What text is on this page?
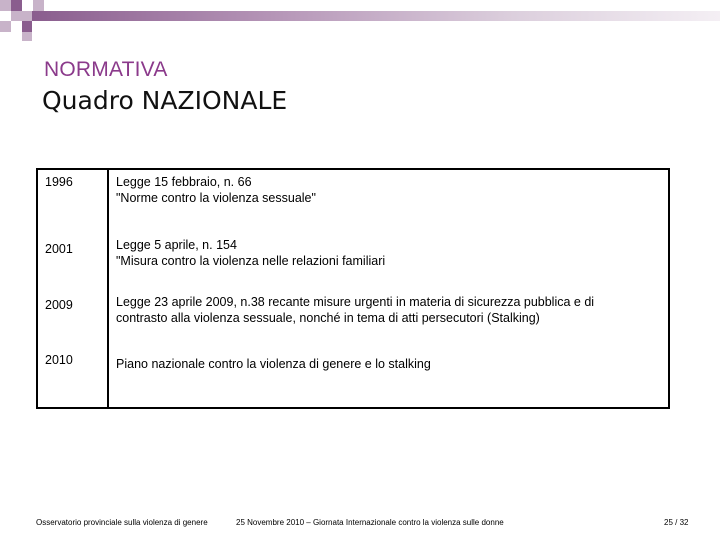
NORMATIVA
Quadro NAZIONALE
1996	Legge 15 febbraio, n. 66
"Norme contro la violenza sessuale"
2001	Legge 5 aprile, n. 154
"Misura contro la violenza nelle relazioni familiari
2009	Legge 23 aprile 2009, n.38 recante misure urgenti in materia di sicurezza pubblica e di
contrasto alla violenza sessuale, nonché in tema di atti persecutori (Stalking)
2010	Piano nazionale contro la violenza di genere e lo stalking
Osservatorio provinciale sulla violenza di genere	25 Novembre 2010 – Giornata Internazionale contro la violenza sulle donne	25 / 32
